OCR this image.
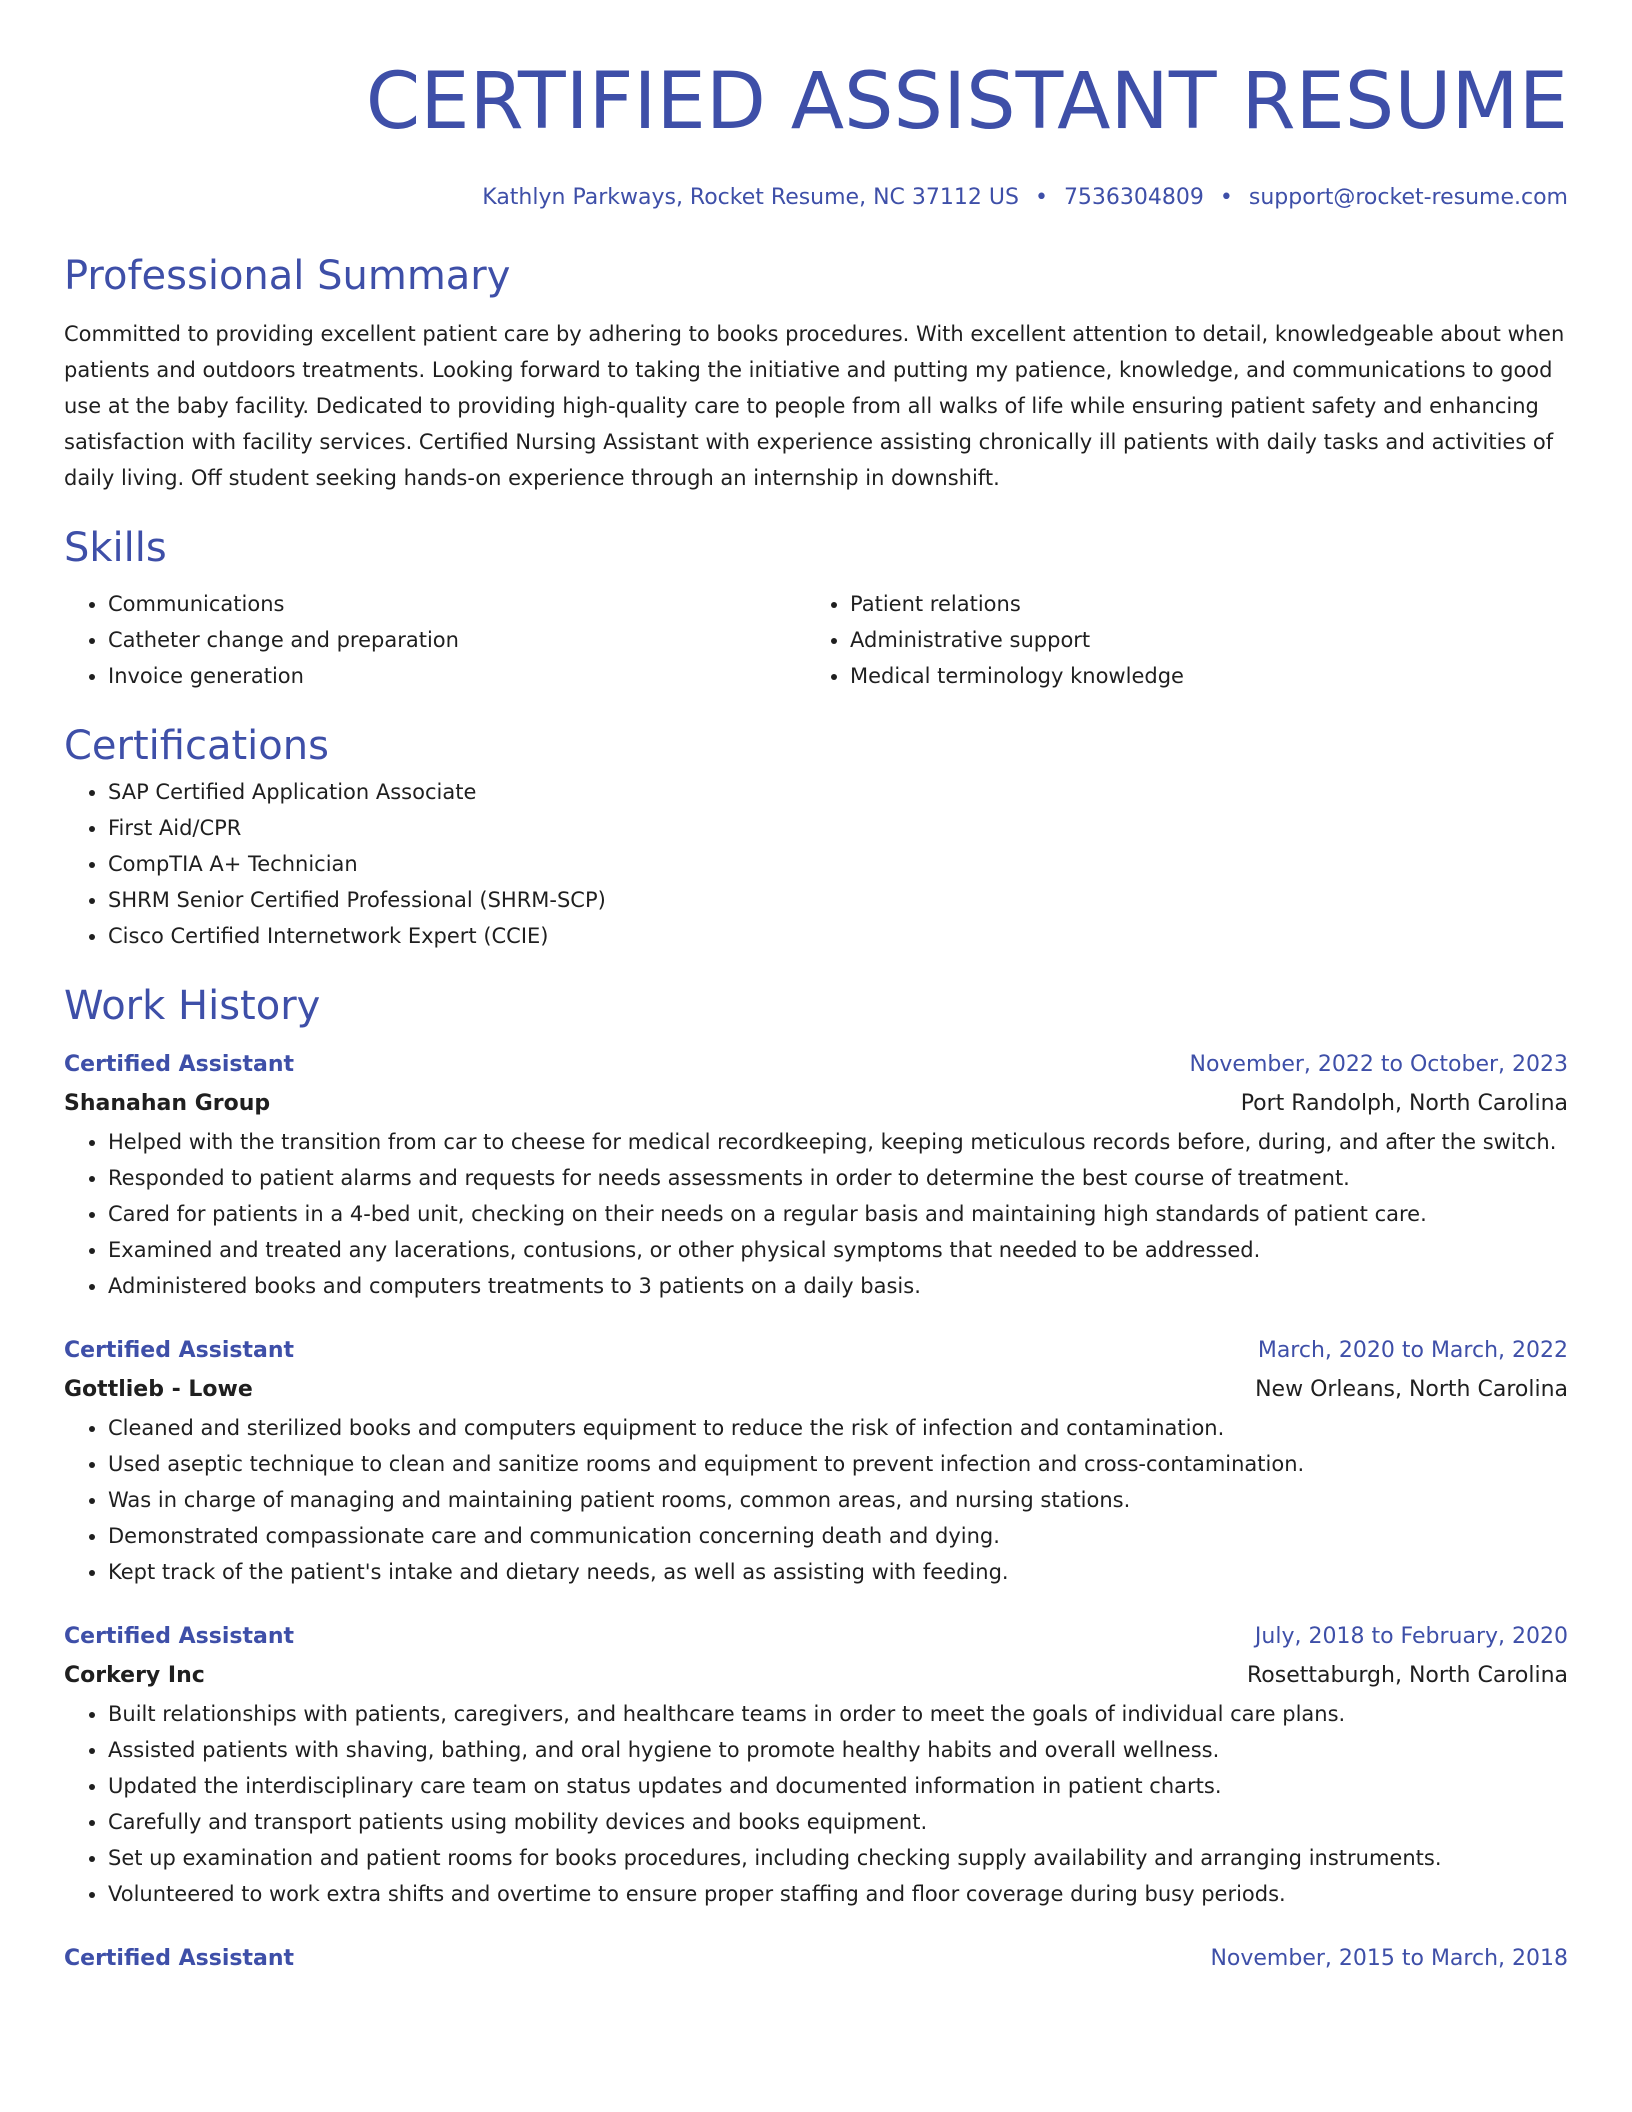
CERTIFIED ASSISTANT RESUME
Kathlyn Parkways, Rocket Resume, NC 37112 US • 7536304809 • support@rocket-resume.com
Professional Summary

Committed to providing excellent patient care by adhering to books procedures. With excellent attention to detail, knowledgeable about when patients and outdoors treatments. Looking forward to taking the initiative and putting my patience, knowledge, and communications to good use at the baby facility. Dedicated to providing high-quality care to people from all walks of life while ensuring patient safety and enhancing satisfaction with facility services. Certified Nursing Assistant with experience assisting chronically ill patients with daily tasks and activities of daily living. Off student seeking hands-on experience through an internship in downshift.

Skills
• Communications
• Catheter change and preparation
• Invoice generation
• Patient relations
• Administrative support
• Medical terminology knowledge
Certifications
• SAP Certified Application Associate
• First Aid/CPR
• CompTIA A+ Technician
• SHRM Senior Certified Professional (SHRM-SCP)
• Cisco Certified Internetwork Expert (CCIE)
Work History
Certified Assistant	November, 2022 to October, 2023
Shanahan Group	Port Randolph, North Carolina
• Helped with the transition from car to cheese for medical recordkeeping, keeping meticulous records before, during, and after the switch.
• Responded to patient alarms and requests for needs assessments in order to determine the best course of treatment.
• Cared for patients in a 4-bed unit, checking on their needs on a regular basis and maintaining high standards of patient care.
• Examined and treated any lacerations, contusions, or other physical symptoms that needed to be addressed.
• Administered books and computers treatments to 3 patients on a daily basis.
Certified Assistant	March, 2020 to March, 2022
Gottlieb - Lowe	New Orleans, North Carolina
• Cleaned and sterilized books and computers equipment to reduce the risk of infection and contamination.
• Used aseptic technique to clean and sanitize rooms and equipment to prevent infection and cross-contamination.
• Was in charge of managing and maintaining patient rooms, common areas, and nursing stations.
• Demonstrated compassionate care and communication concerning death and dying.
• Kept track of the patient's intake and dietary needs, as well as assisting with feeding.
Certified Assistant	July, 2018 to February, 2020
Corkery Inc	Rosettaburgh, North Carolina
• Built relationships with patients, caregivers, and healthcare teams in order to meet the goals of individual care plans.
• Assisted patients with shaving, bathing, and oral hygiene to promote healthy habits and overall wellness.
• Updated the interdisciplinary care team on status updates and documented information in patient charts.
• Carefully and transport patients using mobility devices and books equipment.
• Set up examination and patient rooms for books procedures, including checking supply availability and arranging instruments.
• Volunteered to work extra shifts and overtime to ensure proper staffing and floor coverage during busy periods.
Certified Assistant	November, 2015 to March, 2018
